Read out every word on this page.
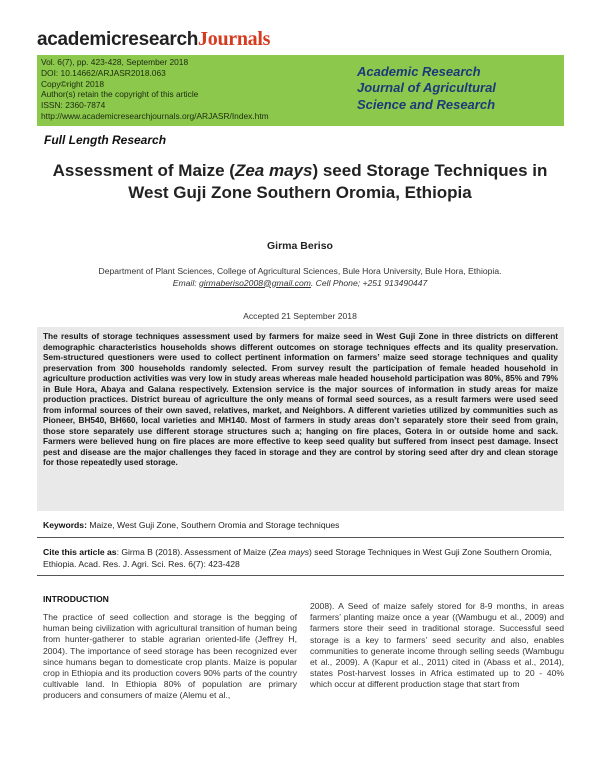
academicresearchJournals
Vol. 6(7), pp. 423-428, September 2018
DOI: 10.14662/ARJASR2018.063
Copy©right 2018
Author(s) retain the copyright of this article
ISSN: 2360-7874
http://www.academicresearchjournals.org/ARJASR/Index.htm
Academic Research
Journal of Agricultural
Science and Research
Full Length Research
Assessment of Maize (Zea mays) seed Storage Techniques in West Guji Zone Southern Oromia, Ethiopia
Girma Beriso
Department of Plant Sciences, College of Agricultural Sciences, Bule Hora University, Bule Hora, Ethiopia.
Email: girmaberiso2008@gmail.com. Cell Phone; +251 913490447
Accepted 21 September 2018
The results of storage techniques assessment used by farmers for maize seed in West Guji Zone in three districts on different demographic characteristics households shows different outcomes on storage techniques effects and its quality preservation. Sem-structured questioners were used to collect pertinent information on farmers’ maize seed storage techniques and quality preservation from 300 households randomly selected. From survey result the participation of female headed household in agriculture production activities was very low in study areas whereas male headed household participation was 80%, 85% and 79% in Bule Hora, Abaya and Galana respectively. Extension service is the major sources of information in study areas for maize production practices. District bureau of agriculture the only means of formal seed sources, as a result farmers were used seed from informal sources of their own saved, relatives, market, and Neighbors. A different varieties utilized by communities such as Pioneer, BH540, BH660, local varieties and MH140. Most of farmers in study areas don’t separately store their seed from grain, those store separately use different storage structures such a; hanging on fire places, Gotera in or outside home and sack. Farmers were believed hung on fire places are more effective to keep seed quality but suffered from insect pest damage. Insect pest and disease are the major challenges they faced in storage and they are control by storing seed after dry and clean storage for those repeatedly used storage.
Keywords: Maize, West Guji Zone, Southern Oromia and Storage techniques
Cite this article as: Girma B (2018). Assessment of Maize (Zea mays) seed Storage Techniques in West Guji Zone Southern Oromia, Ethiopia. Acad. Res. J. Agri. Sci. Res. 6(7): 423-428
INTRODUCTION
The practice of seed collection and storage is the begging of human being civilization with agricultural transition of human being from hunter-gatherer to stable agrarian oriented-life (Jeffrey H, 2004). The importance of seed storage has been recognized ever since humans began to domesticate crop plants. Maize is popular crop in Ethiopia and its production covers 90% parts of the country cultivable land. In Ethiopia 80% of population are primary producers and consumers of maize (Alemu et al.,
2008). A Seed of maize safely stored for 8-9 months, in areas farmers’ planting maize once a year ((Wambugu et al., 2009) and farmers store their seed in traditional storage. Successful seed storage is a key to farmers’ seed security and also, enables communities to generate income through selling seeds (Wambugu et al., 2009). A (Kapur et al., 2011) cited in (Abass et al., 2014), states Post-harvest losses in Africa estimated up to 20 - 40% which occur at different production stage that start from
